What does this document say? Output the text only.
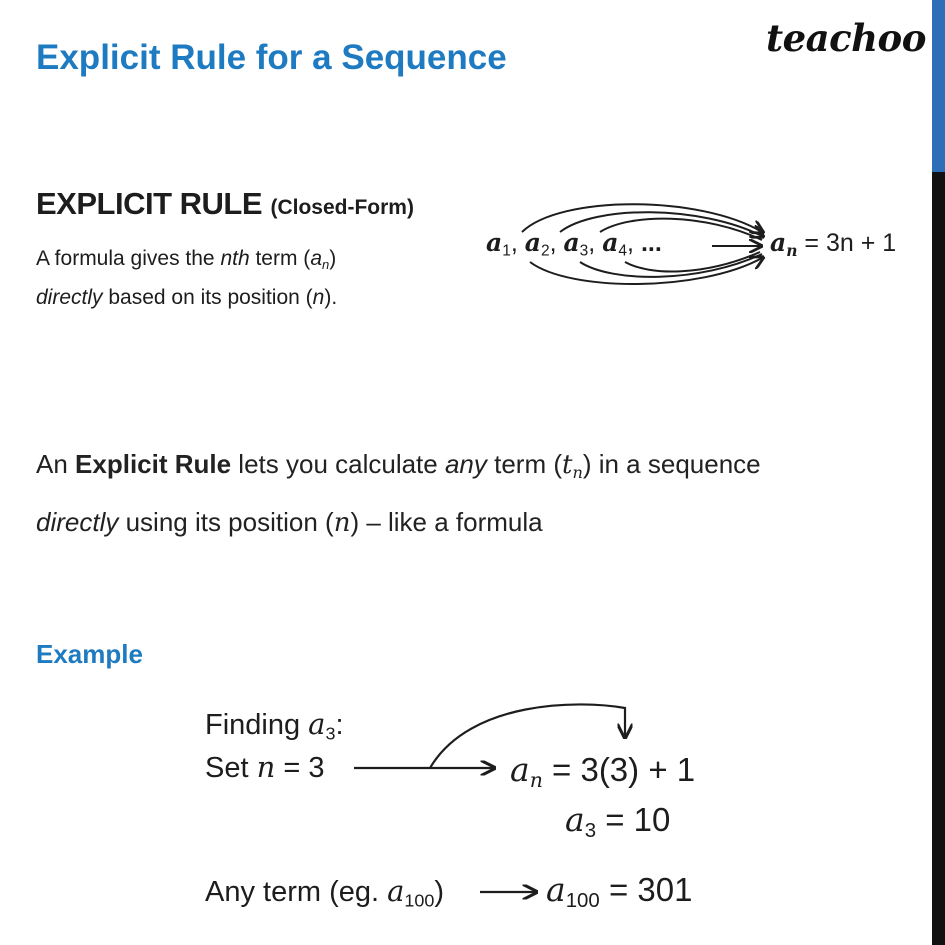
Explicit Rule for a Sequence	teachoo
EXPLICIT RULE (Closed-Form)
A formula gives the nth term $(a_n)$
directly based on its position (n).
$a_1$, $a_2$, $a_3$, $a_4$, ...	$a_n = 3n + 1$
An Explicit Rule lets you calculate any term $(t_n)$ in a sequence
directly using its position (n) – like a formula
Example
Finding $a_3$:
Set n = 3	$a_n = 3(3) + 1$
$a_3 = 10$
Any term (eg. $a_{100}$)	$a_{100} = 301$
